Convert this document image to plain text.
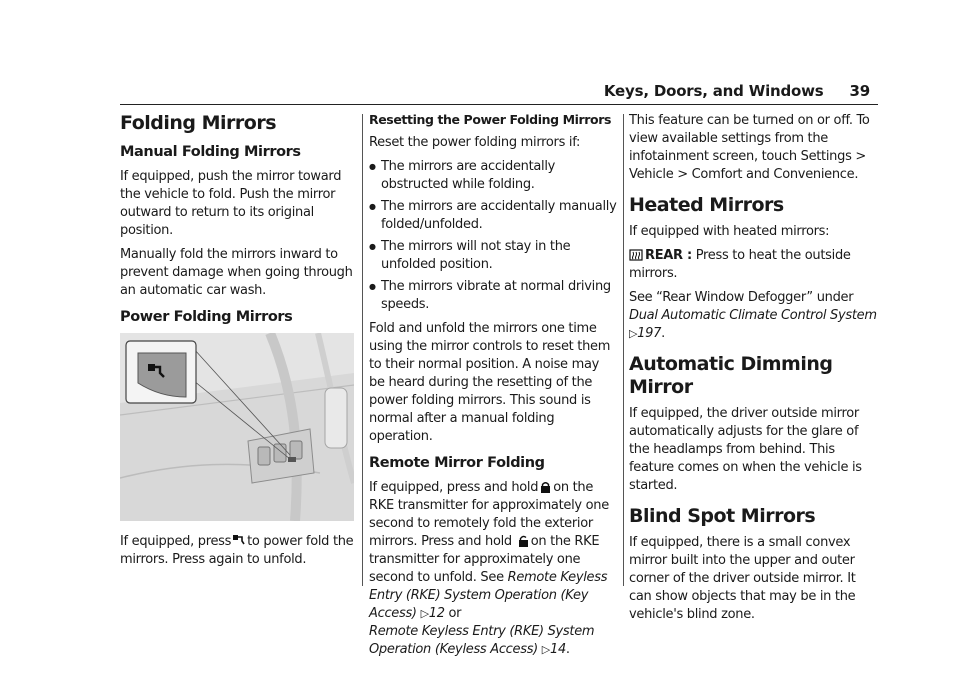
Keys, Doors, and Windows 39
Folding Mirrors
Manual Folding Mirrors

If equipped, push the mirror toward the vehicle to fold. Push the mirror outward to return to its original position.

Manually fold the mirrors inward to prevent damage when going through an automatic car wash.

Power Folding Mirrors

If equipped, press to power fold the mirrors. Press again to unfold.

Resetting the Power Folding Mirrors

Reset the power folding mirrors if:

● The mirrors are accidentally obstructed while folding.
● The mirrors are accidentally manually folded/unfolded.
● The mirrors will not stay in the unfolded position.
● The mirrors vibrate at normal driving speeds.

Fold and unfold the mirrors one time using the mirror controls to reset them to their normal position. A noise may be heard during the resetting of the power folding mirrors. This sound is normal after a manual folding operation.

Remote Mirror Folding

If equipped, press and hold on the RKE transmitter for approximately one second to remotely fold the exterior mirrors. Press and hold on the RKE transmitter for approximately one second to unfold. See Remote Keyless Entry (RKE) System Operation (Key Access) ▷12 or
Remote Keyless Entry (RKE) System Operation (Keyless Access) ▷14.

This feature can be turned on or off. To view available settings from the infotainment screen, touch Settings > Vehicle > Comfort and Convenience.

Heated Mirrors

If equipped with heated mirrors:

REAR : Press to heat the outside mirrors.

See “Rear Window Defogger” under Dual Automatic Climate Control System ▷197.

Automatic Dimming Mirror

If equipped, the driver outside mirror automatically adjusts for the glare of the headlamps from behind. This feature comes on when the vehicle is started.

Blind Spot Mirrors

If equipped, there is a small convex mirror built into the upper and outer corner of the driver outside mirror. It can show objects that may be in the vehicle's blind zone.
